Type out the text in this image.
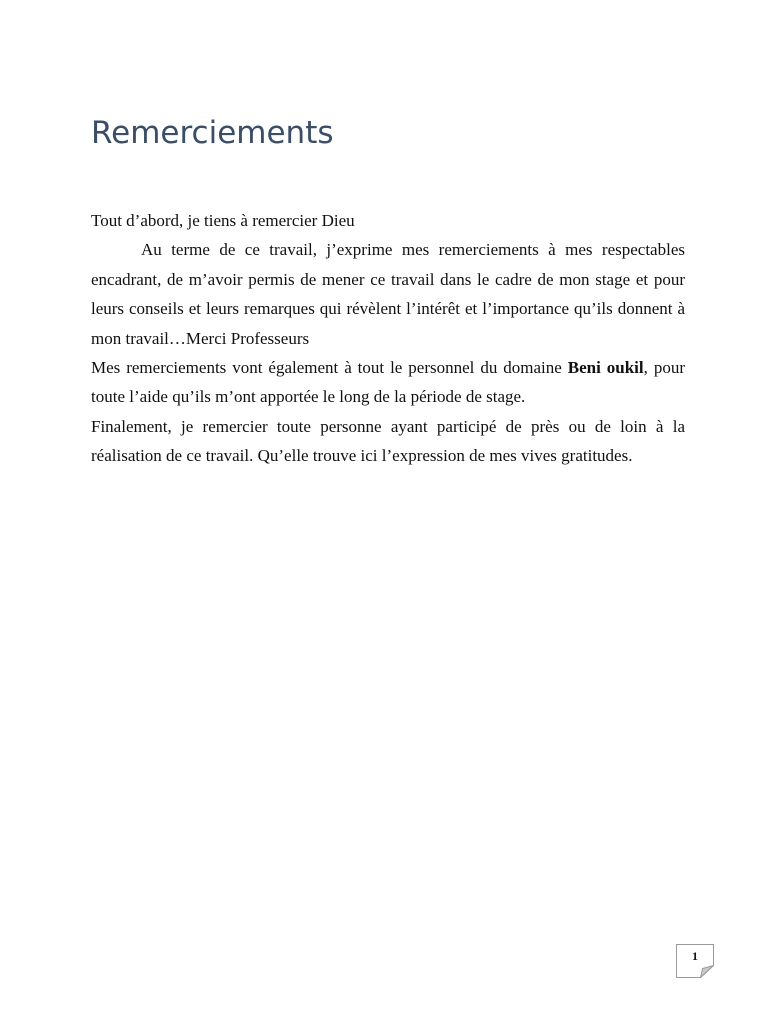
Remerciements

Tout d’abord, je tiens à remercier Dieu

Au terme de ce travail, j’exprime mes remerciements à mes respectables encadrant, de m’avoir permis de mener ce travail dans le cadre de mon stage et pour leurs conseils et leurs remarques qui révèlent l’intérêt et l’importance qu’ils donnent à mon travail…Merci Professeurs

Mes remerciements vont également à tout le personnel du domaine Beni oukil, pour toute l’aide qu’ils m’ont apportée le long de la période de stage.

Finalement, je remercier toute personne ayant participé de près ou de loin à la réalisation de ce travail. Qu’elle trouve ici l’expression de mes vives gratitudes.

1
